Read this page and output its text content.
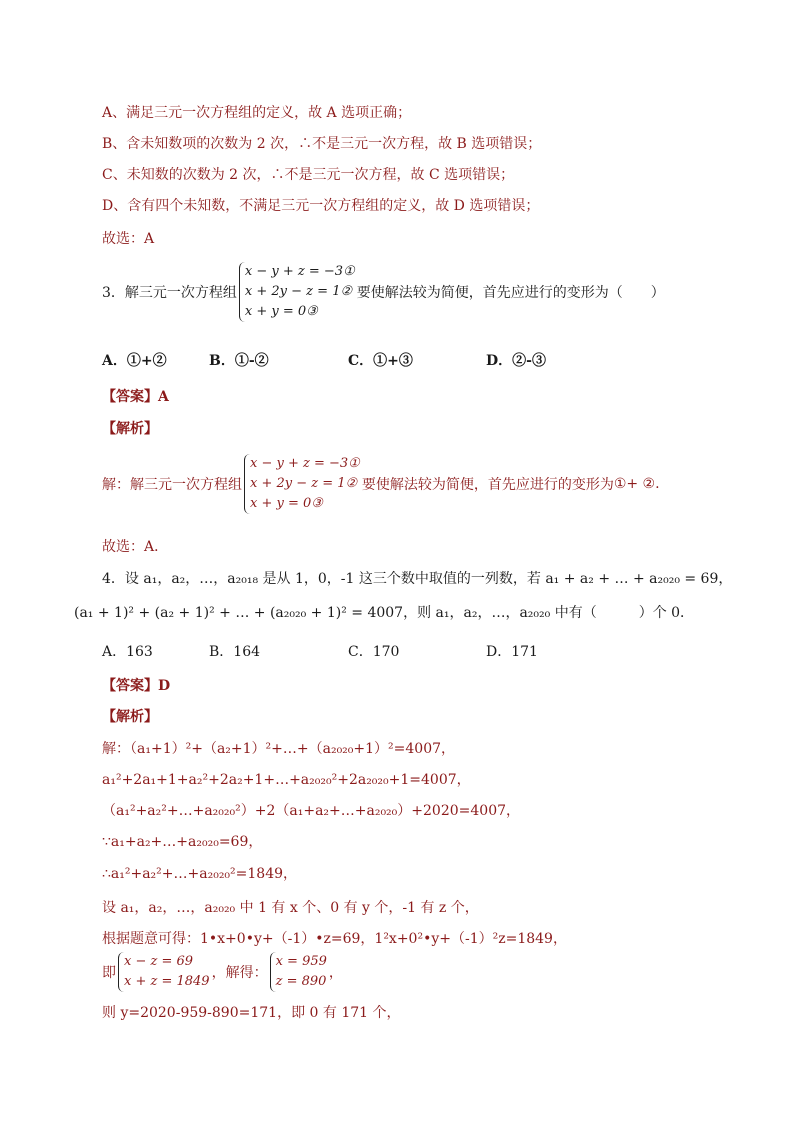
A、满足三元一次方程组的定义，故 A 选项正确；
B、含未知数项的次数为 2 次，∴不是三元一次方程，故 B 选项错误；
C、未知数的次数为 2 次，∴不是三元一次方程，故 C 选项错误；
D、含有四个未知数，不满足三元一次方程组的定义，故 D 选项错误；
故选：A
3．解三元一次方程组
x − y + z = −3①
x + 2y − z = 1②
x + y = 0③
要使解法较为简便，首先应进行的变形为（　　）
A．①+②	B．①-②	C．①+③	D．②-③
【答案】A
【解析】
解：解三元一次方程组
x − y + z = −3①
x + 2y − z = 1②
x + y = 0③
要使解法较为简便，首先应进行的变形为①+ ②.
故选：A．
4．设 a₁，a₂，…，a₂₀₁₈ 是从 1，0，-1 这三个数中取值的一列数，若 a₁ + a₂ + … + a₂₀₂₀ = 69，
(a₁ + 1)² + (a₂ + 1)² + … + (a₂₀₂₀ + 1)² = 4007，则 a₁，a₂，…，a₂₀₂₀ 中有（　　　）个 0．
A．163	B．164	C．170	D．171
【答案】D
【解析】
解：（a₁+1）²+（a₂+1）²+…+（a₂₀₂₀+1）²=4007，
a₁²+2a₁+1+a₂²+2a₂+1+…+a₂₀₂₀²+2a₂₀₂₀+1=4007，
（a₁²+a₂²+…+a₂₀₂₀²）+2（a₁+a₂+…+a₂₀₂₀）+2020=4007，
∵a₁+a₂+…+a₂₀₂₀=69，
∴a₁²+a₂²+…+a₂₀₂₀²=1849，
设 a₁，a₂，…，a₂₀₂₀ 中 1 有 x 个、0 有 y 个，-1 有 z 个，
根据题意可得：1•x+0•y+（-1）•z=69，1²x+0²•y+（-1）²z=1849，
即
x − z = 69
x + z = 1849
，解得：
x = 959
z = 890
，
则 y=2020-959-890=171，即 0 有 171 个，
